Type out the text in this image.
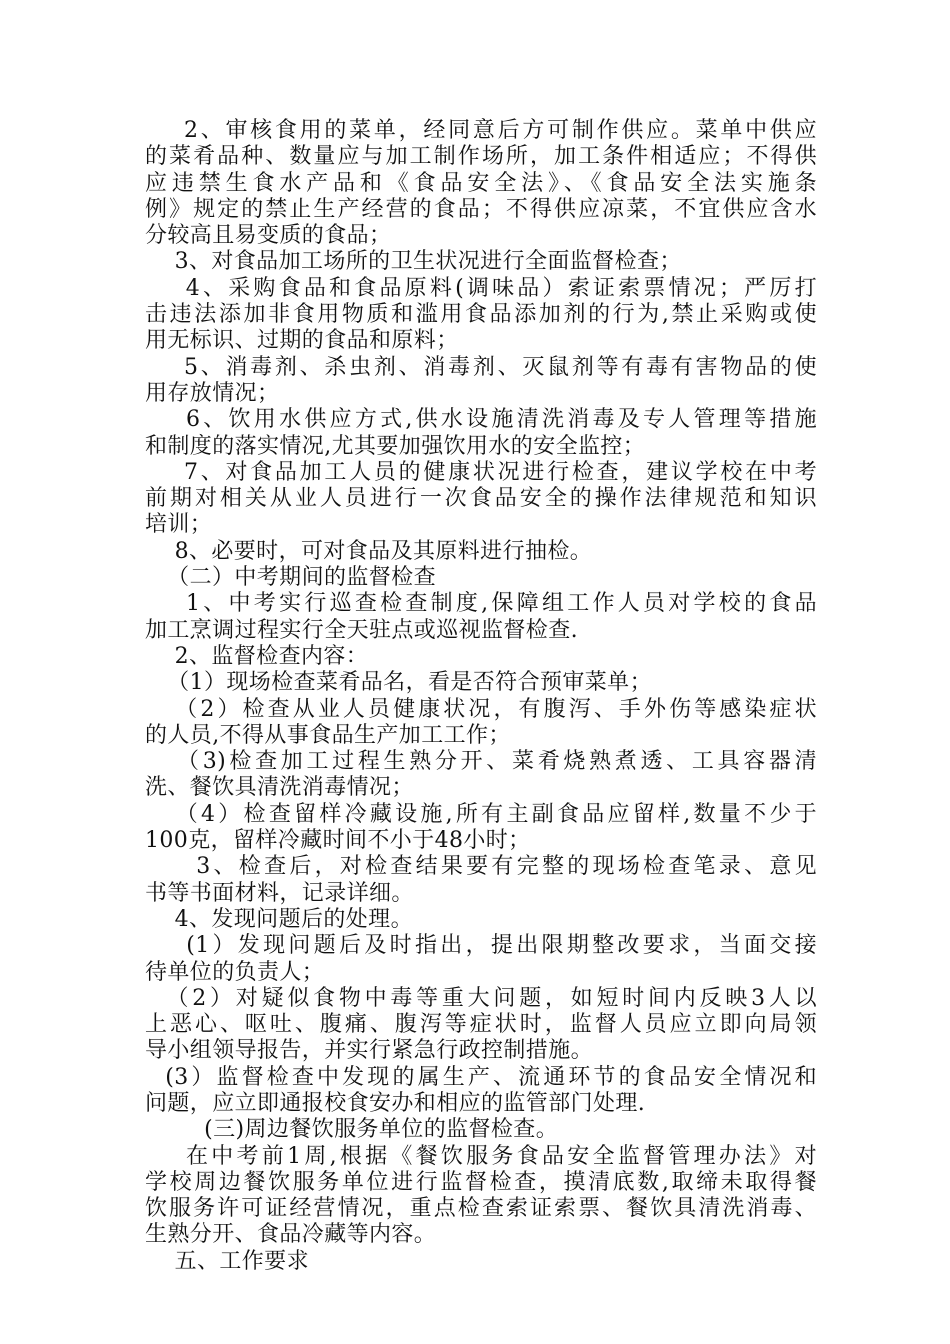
2、审核食用的菜单，经同意后方可制作供应。菜单中供应
的菜肴品种、数量应与加工制作场所，加工条件相适应；不得供
应违禁生食水产品和《食品安全法》、《食品安全法实施条
例》规定的禁止生产经营的食品；不得供应凉菜，不宜供应含水
分较高且易变质的食品；
3、对食品加工场所的卫生状况进行全面监督检查；
4、采购食品和食品原料(调味品）索证索票情况；严厉打
击违法添加非食用物质和滥用食品添加剂的行为,禁止采购或使
用无标识、过期的食品和原料；
5、消毒剂、杀虫剂、消毒剂、灭鼠剂等有毒有害物品的使
用存放情况；
6、饮用水供应方式,供水设施清洗消毒及专人管理等措施
和制度的落实情况,尤其要加强饮用水的安全监控；
7、对食品加工人员的健康状况进行检查，建议学校在中考
前期对相关从业人员进行一次食品安全的操作法律规范和知识
培训；
8、必要时，可对食品及其原料进行抽检。
（二）中考期间的监督检查
1、中考实行巡查检查制度,保障组工作人员对学校的食品
加工烹调过程实行全天驻点或巡视监督检查.
2、监督检查内容：
（1）现场检查菜肴品名，看是否符合预审菜单；
（2）检查从业人员健康状况，有腹泻、手外伤等感染症状
的人员,不得从事食品生产加工工作；
（3)检查加工过程生熟分开、菜肴烧熟煮透、工具容器清
洗、餐饮具清洗消毒情况；
（4）检查留样冷藏设施,所有主副食品应留样,数量不少于
100克，留样冷藏时间不小于48小时；
3、检查后，对检查结果要有完整的现场检查笔录、意见
书等书面材料，记录详细。
4、发现问题后的处理。
(1）发现问题后及时指出，提出限期整改要求，当面交接
待单位的负责人；
（2）对疑似食物中毒等重大问题，如短时间内反映3人以
上恶心、呕吐、腹痛、腹泻等症状时，监督人员应立即向局领
导小组领导报告，并实行紧急行政控制措施。
(3）监督检查中发现的属生产、流通环节的食品安全情况和
问题，应立即通报校食安办和相应的监管部门处理.
(三)周边餐饮服务单位的监督检查。
在中考前1周,根据《餐饮服务食品安全监督管理办法》对
学校周边餐饮服务单位进行监督检查，摸清底数,取缔未取得餐
饮服务许可证经营情况，重点检查索证索票、餐饮具清洗消毒、
生熟分开、食品冷藏等内容。
五、工作要求
